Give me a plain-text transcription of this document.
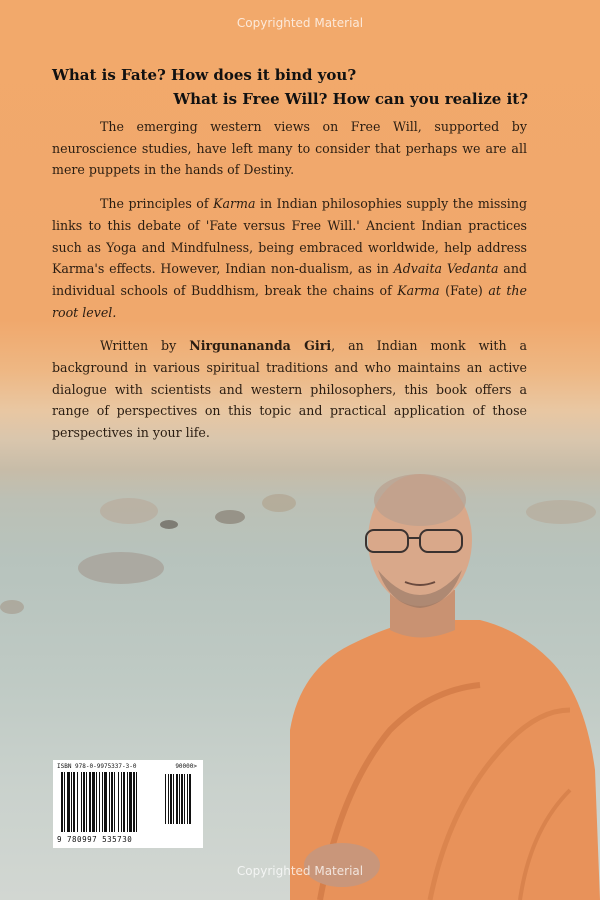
Copyrighted Material

What is Fate? How does it bind you?

What is Free Will? How can you realize it?

The emerging western views on Free Will, supported by neuroscience studies, have left many to consider that perhaps we are all mere puppets in the hands of Destiny.

The principles of Karma in Indian philosophies supply the missing links to this debate of 'Fate versus Free Will.' Ancient Indian practices such as Yoga and Mindfulness, being embraced worldwide, help address Karma's effects. However, Indian non-dualism, as in Advaita Vedanta and individual schools of Buddhism, break the chains of Karma (Fate) at the root level.

Written by Nirgunananda Giri, an Indian monk with a background in various spiritual traditions and who maintains an active dialogue with scientists and western philosophers, this book offers a range of perspectives on this topic and practical application of those perspectives in your life.

ISBN 978-0-9975337-3-0	90000>
9 780997 535730
Copyrighted Material
